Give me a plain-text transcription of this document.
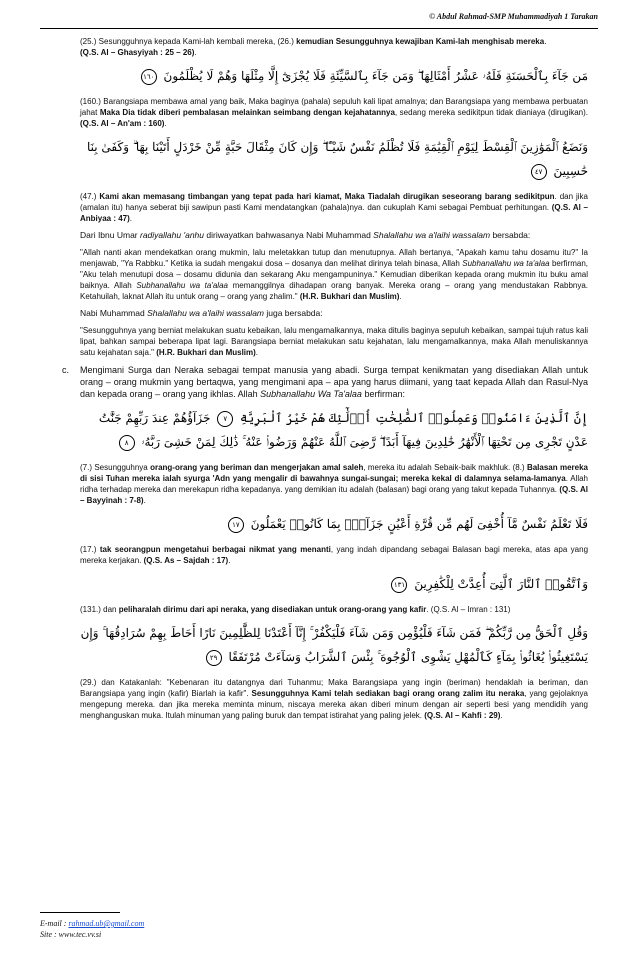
© Abdul Rahmad-SMP Muhammadiyah 1 Tarakan

(25.) Sesungguhnya kepada Kami-lah kembali mereka, (26.) kemudian Sesungguhnya kewajiban Kami-lah menghisab mereka.
(Q.S. Al – Ghasyiyah : 25 – 26).

مَن جَآءَ بِٱلْحَسَنَةِ فَلَهُۥ عَشْرُ أَمْثَالِهَا ۖ وَمَن جَآءَ بِٱلسَّيِّئَةِ فَلَا يُجْزَىٰٓ إِلَّا مِثْلَهَا وَهُمْ لَا يُظْلَمُونَ ١٦٠

(160.) Barangsiapa membawa amal yang baik, Maka baginya (pahala) sepuluh kali lipat amalnya; dan Barangsiapa yang membawa perbuatan jahat Maka Dia tidak diberi pembalasan melainkan seimbang dengan kejahatannya, sedang mereka sedikitpun tidak dianiaya (dirugikan). (Q.S. Al – An'am : 160).

وَنَضَعُ ٱلْمَوَٰزِينَ ٱلْقِسْطَ لِيَوْمِ ٱلْقِيَٰمَةِ فَلَا تُظْلَمُ نَفْسٌ شَيْـًٔا ۖ وَإِن كَانَ مِثْقَالَ حَبَّةٍ مِّنْ خَرْدَلٍ أَتَيْنَا بِهَا ۗ وَكَفَىٰ بِنَا حَٰسِبِينَ ٤٧

(47.) Kami akan memasang timbangan yang tepat pada hari kiamat, Maka Tiadalah dirugikan seseorang barang sedikitpun. dan jika (amalan itu) hanya seberat biji sawipun pasti Kami mendatangkan (pahala)nya. dan cukuplah Kami sebagai Pembuat perhitungan. (Q.S. Al – Anbiyaa : 47).

Dari Ibnu Umar radiyallahu 'anhu diriwayatkan bahwasanya Nabi Muhammad Shalallahu wa a'laihi wassalam bersabda:

"Allah nanti akan mendekatkan orang mukmin, lalu meletakkan tutup dan menutupnya. Allah bertanya, "Apakah kamu tahu dosamu itu?" Ia menjawab, "Ya Rabbku." Ketika ia sudah mengakui dosa – dosanya dan melihat dirinya telah binasa, Allah Subhanallahu wa ta'alaa berfirman, "Aku telah menutupi dosa – dosamu didunia dan sekarang Aku mengampuninya." Kemudian diberikan kepada orang mukmin itu buku amal baiknya. Allah Subhanallahu wa ta'alaa memanggilnya dihadapan orang banyak. Mereka orang – orang yang mendustakan Rabbnya. Ketahuilah, laknat Allah itu untuk orang – orang yang zhalim." (H.R. Bukhari dan Muslim).

Nabi Muhammad Shalallahu wa a'laihi wassalam juga bersabda:

"Sesungguhnya yang berniat melakukan suatu kebaikan, lalu mengamalkannya, maka ditulis baginya sepuluh kebaikan, sampai tujuh ratus kali lipat, bahkan sampai beberapa lipat lagi. Barangsiapa berniat melakukan satu kejahatan, lalu mengamalkannya, maka Allah menuliskannya satu kejahatan saja." (H.R. Bukhari dan Muslim).

c. Mengimani Surga dan Neraka sebagai tempat manusia yang abadi. Surga tempat kenikmatan yang disediakan Allah untuk orang – orang mukmin yang bertaqwa, yang mengimani apa – apa yang harus diimani, yang taat kepada Allah dan Rasul-Nya dan kepada orang – orang yang ikhlas. Allah Subhanallahu Wa Ta'alaa berfirman:

إِنَّ ٱلَّذِينَ ءَامَنُوا۟ وَعَمِلُوا۟ ٱلصَّٰلِحَٰتِ أُو۟لَٰٓئِكَ هُمْ خَيْرُ ٱلْبَرِيَّةِ ٧ جَزَآؤُهُمْ عِندَ رَبِّهِمْ جَنَّٰتُ عَدْنٍ تَجْرِى مِن تَحْتِهَا ٱلْأَنْهَٰرُ خَٰلِدِينَ فِيهَآ أَبَدًا ۖ رَّضِىَ ٱللَّهُ عَنْهُمْ وَرَضُوا۟ عَنْهُ ۚ ذَٰلِكَ لِمَنْ خَشِىَ رَبَّهُۥ ٨

(7.) Sesungguhnya orang-orang yang beriman dan mengerjakan amal saleh, mereka itu adalah Sebaik-baik makhluk. (8.) Balasan mereka di sisi Tuhan mereka ialah syurga 'Adn yang mengalir di bawahnya sungai-sungai; mereka kekal di dalamnya selama-lamanya. Allah ridha terhadap mereka dan merekapun ridha kepadanya. yang demikian itu adalah (balasan) bagi orang yang takut kepada Tuhannya. (Q.S. Al – Bayyinah : 7-8).

فَلَا تَعْلَمُ نَفْسٌ مَّآ أُخْفِىَ لَهُم مِّن قُرَّةِ أَعْيُنٍ جَزَآءًۢ بِمَا كَانُوا۟ يَعْمَلُونَ ١٧

(17.) tak seorangpun mengetahui berbagai nikmat yang menanti, yang indah dipandang sebagai Balasan bagi mereka, atas apa yang mereka kerjakan. (Q.S. As – Sajdah : 17).

وَٱتَّقُوا۟ ٱلنَّارَ ٱلَّتِىٓ أُعِدَّتْ لِلْكَٰفِرِينَ ١٣١

(131.) dan peliharalah dirimu dari api neraka, yang disediakan untuk orang-orang yang kafir. (Q.S. Al – Imran : 131)

وَقُلِ ٱلْحَقُّ مِن رَّبِّكُمْ ۖ فَمَن شَآءَ فَلْيُؤْمِن وَمَن شَآءَ فَلْيَكْفُرْ ۚ إِنَّآ أَعْتَدْنَا لِلظَّٰلِمِينَ نَارًا أَحَاطَ بِهِمْ سُرَادِقُهَا ۚ وَإِن يَسْتَغِيثُوا۟ يُغَاثُوا۟ بِمَآءٍ كَٱلْمُهْلِ يَشْوِى ٱلْوُجُوهَ ۚ بِئْسَ ٱلشَّرَابُ وَسَآءَتْ مُرْتَفَقًا ٢٩

(29.) dan Katakanlah: "Kebenaran itu datangnya dari Tuhanmu; Maka Barangsiapa yang ingin (beriman) hendaklah ia beriman, dan Barangsiapa yang ingin (kafir) Biarlah ia kafir". Sesungguhnya Kami telah sediakan bagi orang orang zalim itu neraka, yang gejolaknya mengepung mereka. dan jika mereka meminta minum, niscaya mereka akan diberi minum dengan air seperti besi yang mendidih yang menghanguskan muka. Itulah minuman yang paling buruk dan tempat istirahat yang paling jelek. (Q.S. Al – Kahfi : 29).

E-mail : rahmad.ub@gmail.com
Site : www.tec.vv.si
